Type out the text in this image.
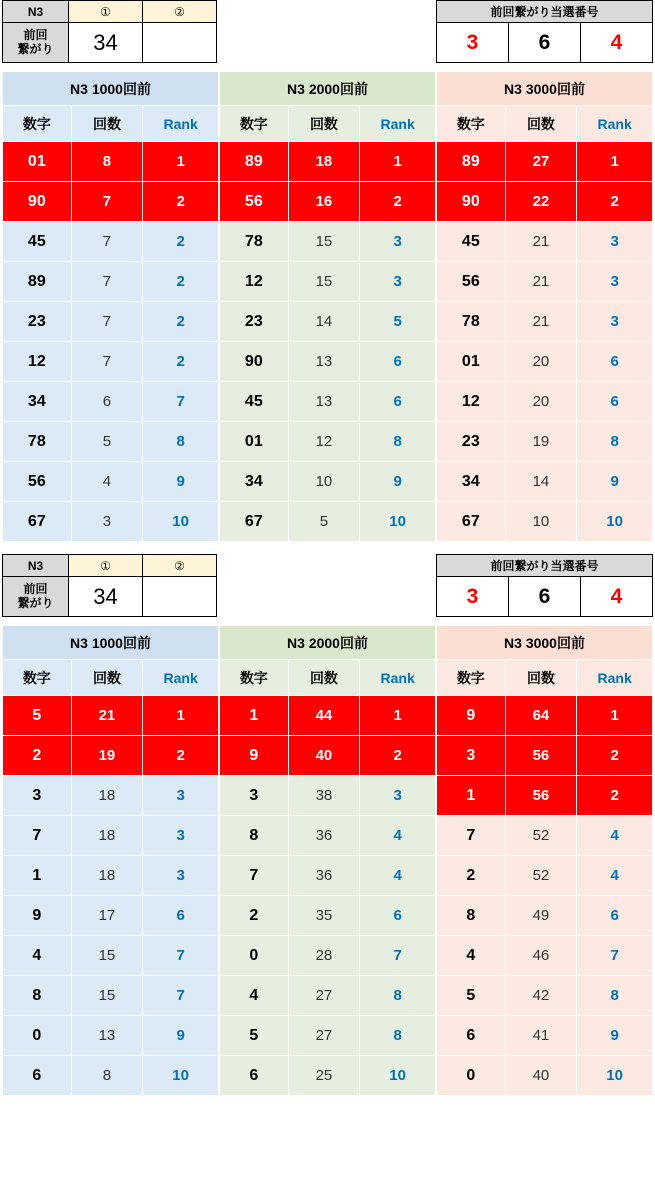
N3	①	②
前回
繋がり	34	
前回繋がり当選番号
3	6	4
N3 1000回前		
数字	回数	Rank
01	8	1
90	7	2
45	7	2
89	7	2
23	7	2
12	7	2
34	6	7
78	5	8
56	4	9
67	3	10
N3 2000回前		
数字	回数	Rank
89	18	1
56	16	2
78	15	3
12	15	3
23	14	5
90	13	6
45	13	6
01	12	8
34	10	9
67	5	10
N3 3000回前		
数字	回数	Rank
89	27	1
90	22	2
45	21	3
56	21	3
78	21	3
01	20	6
12	20	6
23	19	8
34	14	9
67	10	10
N3	①	②
前回
繋がり	34	
前回繋がり当選番号
3	6	4
N3 1000回前		
数字	回数	Rank
5	21	1
2	19	2
3	18	3
7	18	3
1	18	3
9	17	6
4	15	7
8	15	7
0	13	9
6	8	10
N3 2000回前		
数字	回数	Rank
1	44	1
9	40	2
3	38	3
8	36	4
7	36	4
2	35	6
0	28	7
4	27	8
5	27	8
6	25	10
N3 3000回前		
数字	回数	Rank
9	64	1
3	56	2
1	56	2
7	52	4
2	52	4
8	49	6
4	46	7
5	42	8
6	41	9
0	40	10
